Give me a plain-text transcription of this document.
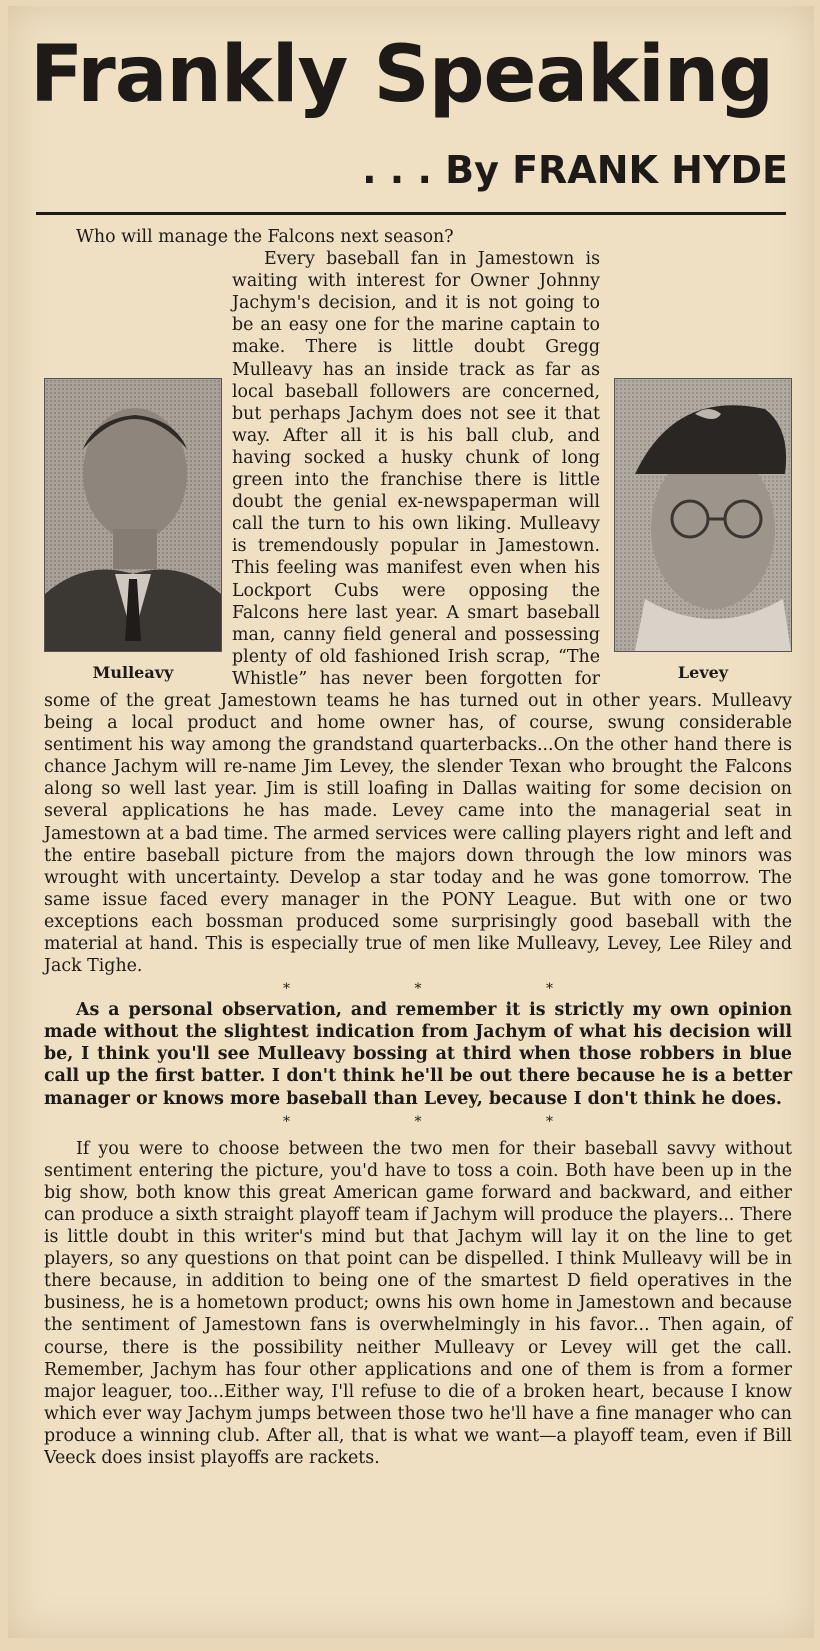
Frankly Speaking
. . . By FRANK HYDE

Who will manage the Falcons next season?

Mulleavy	Levey

Every baseball fan in Jamestown is waiting with interest for Owner Johnny Jachym's decision, and it is not going to be an easy one for the marine captain to make. There is little doubt Gregg Mulleavy has an inside track as far as local baseball followers are concerned, but perhaps Jachym does not see it that way. After all it is his ball club, and having socked a husky chunk of long green into the franchise there is little doubt the genial ex-newspaperman will call the turn to his own liking. Mulleavy is tremendously popular in Jamestown. This feeling was manifest even when his Lockport Cubs were opposing the Falcons here last year. A smart baseball man, canny field general and possessing plenty of old fashioned Irish scrap, “The Whistle” has never been forgotten for some of the great Jamestown teams he has turned out in other years. Mulleavy being a local product and home owner has, of course, swung considerable sentiment his way among the grandstand quarterbacks...On the other hand there is chance Jachym will re-name Jim Levey, the slender Texan who brought the Falcons along so well last year. Jim is still loafing in Dallas waiting for some decision on several applications he has made. Levey came into the managerial seat in Jamestown at a bad time. The armed services were calling players right and left and the entire baseball picture from the majors down through the low minors was wrought with uncertainty. Develop a star today and he was gone tomorrow. The same issue faced every manager in the PONY League. But with one or two exceptions each bossman produced some surprisingly good baseball with the material at hand. This is especially true of men like Mulleavy, Levey, Lee Riley and Jack Tighe.

* * *

As a personal observation, and remember it is strictly my own opinion made without the slightest indication from Jachym of what his decision will be, I think you'll see Mulleavy bossing at third when those robbers in blue call up the first batter. I don't think he'll be out there because he is a better manager or knows more baseball than Levey, because I don't think he does.

* * *

If you were to choose between the two men for their baseball savvy without sentiment entering the picture, you'd have to toss a coin. Both have been up in the big show, both know this great American game forward and backward, and either can produce a sixth straight playoff team if Jachym will produce the players... There is little doubt in this writer's mind but that Jachym will lay it on the line to get players, so any questions on that point can be dispelled. I think Mulleavy will be in there because, in addition to being one of the smartest D field operatives in the business, he is a hometown product; owns his own home in Jamestown and because the sentiment of Jamestown fans is overwhelmingly in his favor... Then again, of course, there is the possibility neither Mulleavy or Levey will get the call. Remember, Jachym has four other applications and one of them is from a former major leaguer, too...Either way, I'll refuse to die of a broken heart, because I know which ever way Jachym jumps between those two he'll have a fine manager who can produce a winning club. After all, that is what we want—a playoff team, even if Bill Veeck does insist playoffs are rackets.
